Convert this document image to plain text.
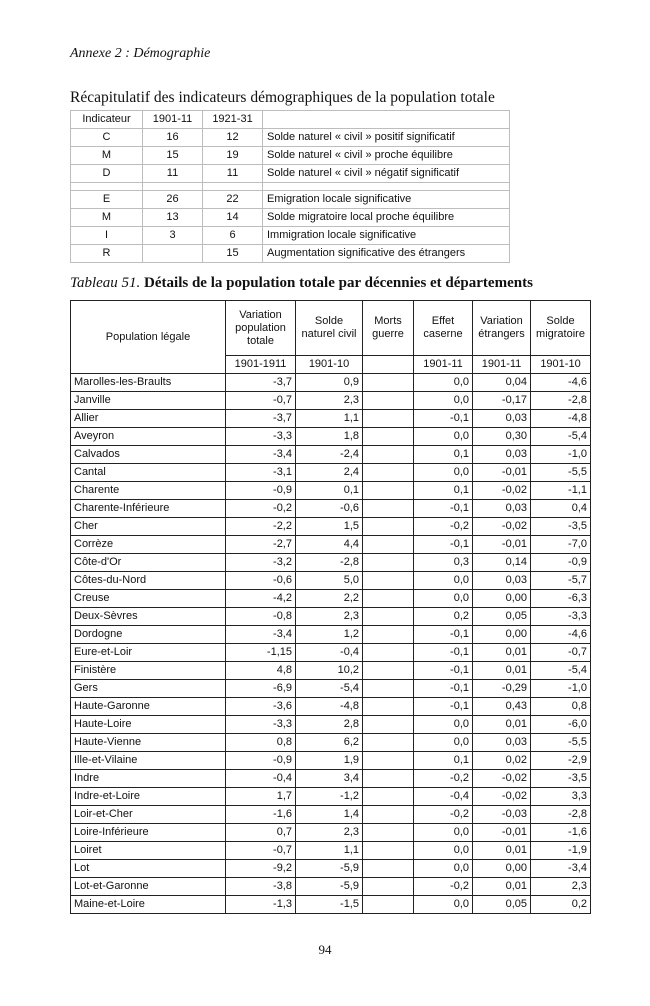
Annexe 2 : Démographie
Récapitulatif des indicateurs démographiques de la population totale
Indicateur	1901-11	1921-31	
C	16	12	Solde naturel « civil » positif significatif
M	15	19	Solde naturel « civil » proche équilibre
D	11	11	Solde naturel « civil » négatif significatif

E	26	22	Emigration locale significative
M	13	14	Solde migratoire local proche équilibre
I	3	6	Immigration locale significative
R		15	Augmentation significative des étrangers
Tableau 51. Détails de la population totale par décennies et départements
Population légale	Variation population totale	Solde naturel civil	Morts guerre	Effet caserne	Variation étrangers	Solde migratoire
	1901-1911	1901-10		1901-11	1901-11	1901-10
Marolles-les-Braults	-3,7	0,9		0,0	0,04	-4,6
Janville	-0,7	2,3		0,0	-0,17	-2,8
Allier	-3,7	1,1		-0,1	0,03	-4,8
Aveyron	-3,3	1,8		0,0	0,30	-5,4
Calvados	-3,4	-2,4		0,1	0,03	-1,0
Cantal	-3,1	2,4		0,0	-0,01	-5,5
Charente	-0,9	0,1		0,1	-0,02	-1,1
Charente-Inférieure	-0,2	-0,6		-0,1	0,03	0,4
Cher	-2,2	1,5		-0,2	-0,02	-3,5
Corrèze	-2,7	4,4		-0,1	-0,01	-7,0
Côte-d'Or	-3,2	-2,8		0,3	0,14	-0,9
Côtes-du-Nord	-0,6	5,0		0,0	0,03	-5,7
Creuse	-4,2	2,2		0,0	0,00	-6,3
Deux-Sèvres	-0,8	2,3		0,2	0,05	-3,3
Dordogne	-3,4	1,2		-0,1	0,00	-4,6
Eure-et-Loir	-1,15	-0,4		-0,1	0,01	-0,7
Finistère	4,8	10,2		-0,1	0,01	-5,4
Gers	-6,9	-5,4		-0,1	-0,29	-1,0
Haute-Garonne	-3,6	-4,8		-0,1	0,43	0,8
Haute-Loire	-3,3	2,8		0,0	0,01	-6,0
Haute-Vienne	0,8	6,2		0,0	0,03	-5,5
Ille-et-Vilaine	-0,9	1,9		0,1	0,02	-2,9
Indre	-0,4	3,4		-0,2	-0,02	-3,5
Indre-et-Loire	1,7	-1,2		-0,4	-0,02	3,3
Loir-et-Cher	-1,6	1,4		-0,2	-0,03	-2,8
Loire-Inférieure	0,7	2,3		0,0	-0,01	-1,6
Loiret	-0,7	1,1		0,0	0,01	-1,9
Lot	-9,2	-5,9		0,0	0,00	-3,4
Lot-et-Garonne	-3,8	-5,9		-0,2	0,01	2,3
Maine-et-Loire	-1,3	-1,5		0,0	0,05	0,2
94
